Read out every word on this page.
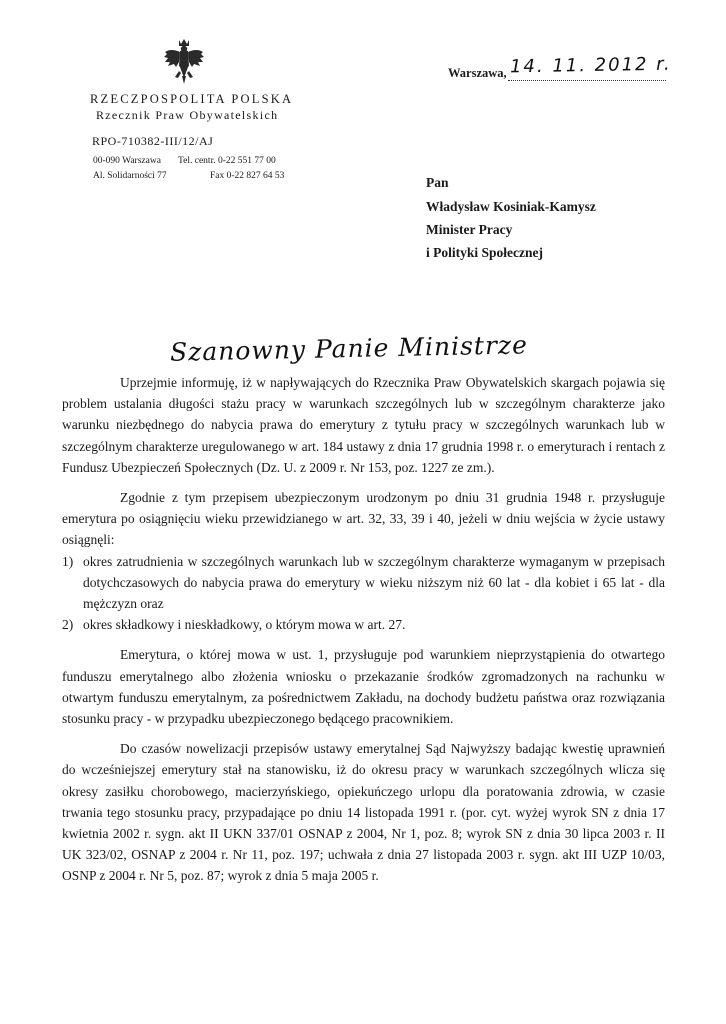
RZECZPOSPOLITA POLSKA
Rzecznik Praw Obywatelskich
RPO-710382-III/12/AJ
00-090 Warszawa Tel. centr. 0-22 551 77 00
Al. Solidarności 77	Fax 0-22 827 64 53
Warszawa, 14. 11. 2012 r.
Pan
Władysław Kosiniak-Kamysz
Minister Pracy
i Polityki Społecznej
Szanowny Panie Ministrze

Uprzejmie informuję, iż w napływających do Rzecznika Praw Obywatelskich skargach pojawia się problem ustalania długości stażu pracy w warunkach szczególnych lub w szczególnym charakterze jako warunku niezbędnego do nabycia prawa do emerytury z tytułu pracy w szczególnych warunkach lub w szczególnym charakterze uregulowanego w art. 184 ustawy z dnia 17 grudnia 1998 r. o emeryturach i rentach z Fundusz Ubezpieczeń Społecznych (Dz. U. z 2009 r. Nr 153, poz. 1227 ze zm.).

Zgodnie z tym przepisem ubezpieczonym urodzonym po dniu 31 grudnia 1948 r. przysługuje emerytura po osiągnięciu wieku przewidzianego w art. 32, 33, 39 i 40, jeżeli w dniu wejścia w życie ustawy osiągnęli:

1) okres zatrudnienia w szczególnych warunkach lub w szczególnym charakterze wymaganym w przepisach dotychczasowych do nabycia prawa do emerytury w wieku niższym niż 60 lat - dla kobiet i 65 lat - dla mężczyzn oraz
2) okres składkowy i nieskładkowy, o którym mowa w art. 27.

Emerytura, o której mowa w ust. 1, przysługuje pod warunkiem nieprzystąpienia do otwartego funduszu emerytalnego albo złożenia wniosku o przekazanie środków zgromadzonych na rachunku w otwartym funduszu emerytalnym, za pośrednictwem Zakładu, na dochody budżetu państwa oraz rozwiązania stosunku pracy - w przypadku ubezpieczonego będącego pracownikiem.

Do czasów nowelizacji przepisów ustawy emerytalnej Sąd Najwyższy badając kwestię uprawnień do wcześniejszej emerytury stał na stanowisku, iż do okresu pracy w warunkach szczególnych wlicza się okresy zasiłku chorobowego, macierzyńskiego, opiekuńczego urlopu dla poratowania zdrowia, w czasie trwania tego stosunku pracy, przypadające po dniu 14 listopada 1991 r. (por. cyt. wyżej wyrok SN z dnia 17 kwietnia 2002 r. sygn. akt II UKN 337/01 OSNAP z 2004, Nr 1, poz. 8; wyrok SN z dnia 30 lipca 2003 r. II UK 323/02, OSNAP z 2004 r. Nr 11, poz. 197; uchwała z dnia 27 listopada 2003 r. sygn. akt III UZP 10/03, OSNP z 2004 r. Nr 5, poz. 87; wyrok z dnia 5 maja 2005 r.
